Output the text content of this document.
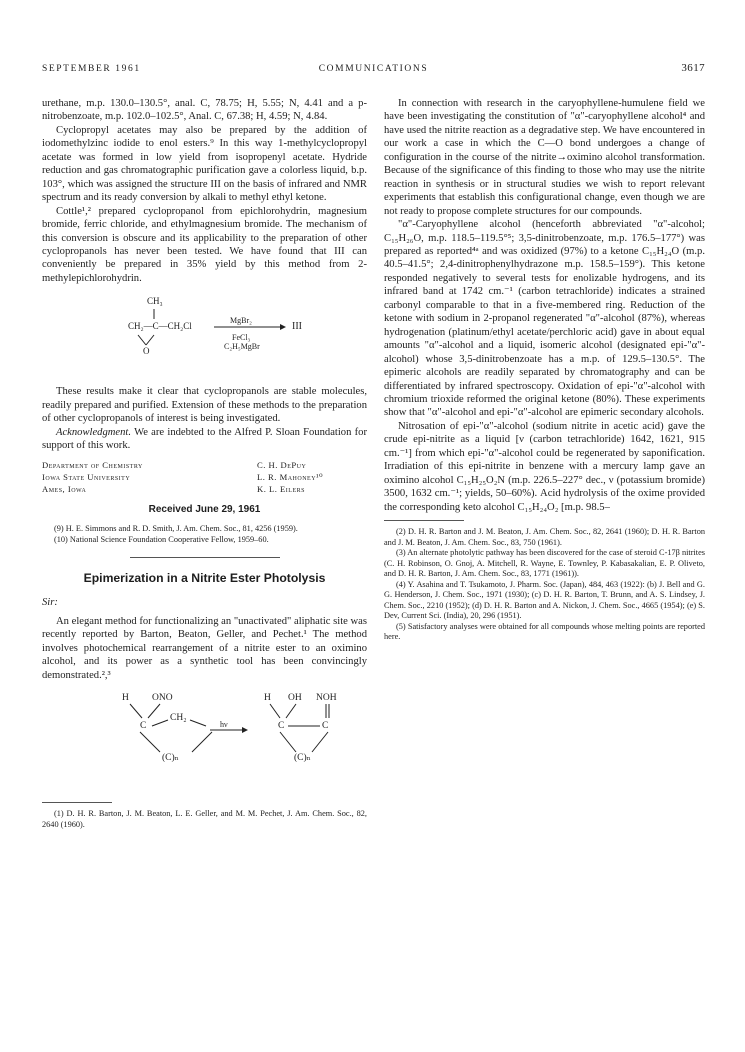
SEPTEMBER 1961	COMMUNICATIONS	3617

urethane, m.p. 130.0–130.5°, anal. C, 78.75; H, 5.55; N, 4.41 and a p-nitrobenzoate, m.p. 102.0–102.5°, Anal. C, 67.38; H, 4.59; N, 4.84.

Cyclopropyl acetates may also be prepared by the addition of iodomethylzinc iodide to enol esters.⁹ In this way 1-methylcyclopropyl acetate was formed in low yield from isopropenyl acetate. Hydride reduction and gas chromatographic purification gave a colorless liquid, b.p. 103°, which was assigned the structure III on the basis of infrared and NMR spectrum and its ready conversion by alkali to methyl ethyl ketone.

Cottle¹,² prepared cyclopropanol from epichlorohydrin, magnesium bromide, ferric chloride, and ethylmagnesium bromide. The mechanism of this conversion is obscure and its applicability to the preparation of other cyclopropanols has never been tested. We have found that III can conveniently be prepared in 35% yield by this method from 2-methylepichlorohydrin.

CH₃
CH₂—C—CH₂Cl
O
MgBr₂
FeCl₃
C₂H₅MgBr
III

These results make it clear that cyclopropanols are stable molecules, readily prepared and purified. Extension of these methods to the preparation of other cyclopropanols of interest is being investigated.

Acknowledgment. We are indebted to the Alfred P. Sloan Foundation for support of this work.

Department of Chemistry	C. H. DePuy
Iowa State University	L. R. Mahoney¹⁰
Ames, Iowa	K. L. Eilers
Received June 29, 1961

(9) H. E. Simmons and R. D. Smith, J. Am. Chem. Soc., 81, 4256 (1959).

(10) National Science Foundation Cooperative Fellow, 1959–60.

Epimerization in a Nitrite Ester Photolysis

Sir:

An elegant method for functionalizing an "unactivated" aliphatic site was recently reported by Barton, Beaton, Geller, and Pechet.¹ The method involves photochemical rearrangement of a nitrite ester to an oximino alcohol, and its power as a synthetic tool has been convincingly demonstrated.²,³

H ONO
C
CH₂
(C)ₙ
hν
H OH NOH
C	C
(C)ₙ

(1) D. H. R. Barton, J. M. Beaton, L. E. Geller, and M. M. Pechet, J. Am. Chem. Soc., 82, 2640 (1960).

In connection with research in the caryophyllene-humulene field we have been investigating the constitution of "α"-caryophyllene alcohol⁴ and have used the nitrite reaction as a degradative step. We have encountered in our work a case in which the C—O bond undergoes a change of configuration in the course of the nitrite→oximino alcohol transformation. Because of the significance of this finding to those who may use the nitrite reaction in synthesis or in structural studies we wish to report relevant experiments that establish this configurational change, even though we are not ready to propose complete structures for our compounds.

"α"-Caryophyllene alcohol (henceforth abbreviated "α"-alcohol; C₁₅H₂₆O, m.p. 118.5–119.5°⁵; 3,5-dinitrobenzoate, m.p. 176.5–177°) was prepared as reported⁴ᵃ and was oxidized (97%) to a ketone C₁₅H₂₄O (m.p. 40.5–41.5°; 2,4-dinitrophenylhydrazone m.p. 158.5–159°). This ketone responded negatively to several tests for enolizable hydrogens, and its infrared band at 1742 cm.⁻¹ (carbon tetrachloride) indicates a strained carbonyl comparable to that in a five-membered ring. Reduction of the ketone with sodium in 2-propanol regenerated "α"-alcohol (87%), whereas hydrogenation (platinum/ethyl acetate/perchloric acid) gave in about equal amounts "α"-alcohol and a liquid, isomeric alcohol (designated epi-"α"-alcohol) whose 3,5-dinitrobenzoate has a m.p. of 129.5–130.5°. The epimeric alcohols are readily separated by chromatography and can be differentiated by infrared spectroscopy. Oxidation of epi-"α"-alcohol with chromium trioxide reformed the original ketone (80%). These experiments show that "α"-alcohol and epi-"α"-alcohol are epimeric secondary alcohols.

Nitrosation of epi-"α"-alcohol (sodium nitrite in acetic acid) gave the crude epi-nitrite as a liquid [ν (carbon tetrachloride) 1642, 1621, 915 cm.⁻¹] from which epi-"α"-alcohol could be regenerated by saponification. Irradiation of this epi-nitrite in benzene with a mercury lamp gave an oximino alcohol C₁₅H₂₅O₂N (m.p. 226.5–227° dec., ν (potassium bromide) 3500, 1632 cm.⁻¹; yields, 50–60%). Acid hydrolysis of the oxime provided the corresponding keto alcohol C₁₅H₂₄O₂ [m.p. 98.5–

(2) D. H. R. Barton and J. M. Beaton, J. Am. Chem. Soc., 82, 2641 (1960); D. H. R. Barton and J. M. Beaton, J. Am. Chem. Soc., 83, 750 (1961).

(3) An alternate photolytic pathway has been discovered for the case of steroid C-17β nitrites (C. H. Robinson, O. Gnoj, A. Mitchell, R. Wayne, E. Townley, P. Kabasakalian, E. P. Oliveto, and D. H. R. Barton, J. Am. Chem. Soc., 83, 1771 (1961)).

(4) Y. Asahina and T. Tsukamoto, J. Pharm. Soc. (Japan), 484, 463 (1922): (b) J. Bell and G. G. Henderson, J. Chem. Soc., 1971 (1930); (c) D. H. R. Barton, T. Brunn, and A. S. Lindsey, J. Chem. Soc., 2210 (1952); (d) D. H. R. Barton and A. Nickon, J. Chem. Soc., 4665 (1954); (e) S. Dev, Current Sci. (India), 20, 296 (1951).

(5) Satisfactory analyses were obtained for all compounds whose melting points are reported here.
